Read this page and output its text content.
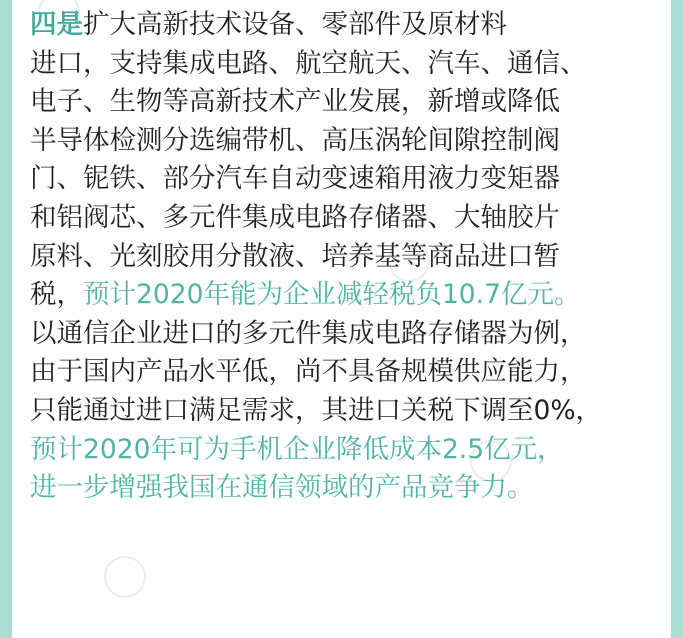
四是扩大高新技术设备、零部件及原材料
进口，支持集成电路、航空航天、汽车、通信、
电子、生物等高新技术产业发展，新增或降低
半导体检测分选编带机、高压涡轮间隙控制阀
门、铌铁、部分汽车自动变速箱用液力变矩器
和铝阀芯、多元件集成电路存储器、大轴胶片
原料、光刻胶用分散液、培养基等商品进口暂
税，预计2020年能为企业减轻税负10.7亿元。
以通信企业进口的多元件集成电路存储器为例，
由于国内产品水平低，尚不具备规模供应能力，
只能通过进口满足需求，其进口关税下调至0%，
预计2020年可为手机企业降低成本2.5亿元，
进一步增强我国在通信领域的产品竞争力。
